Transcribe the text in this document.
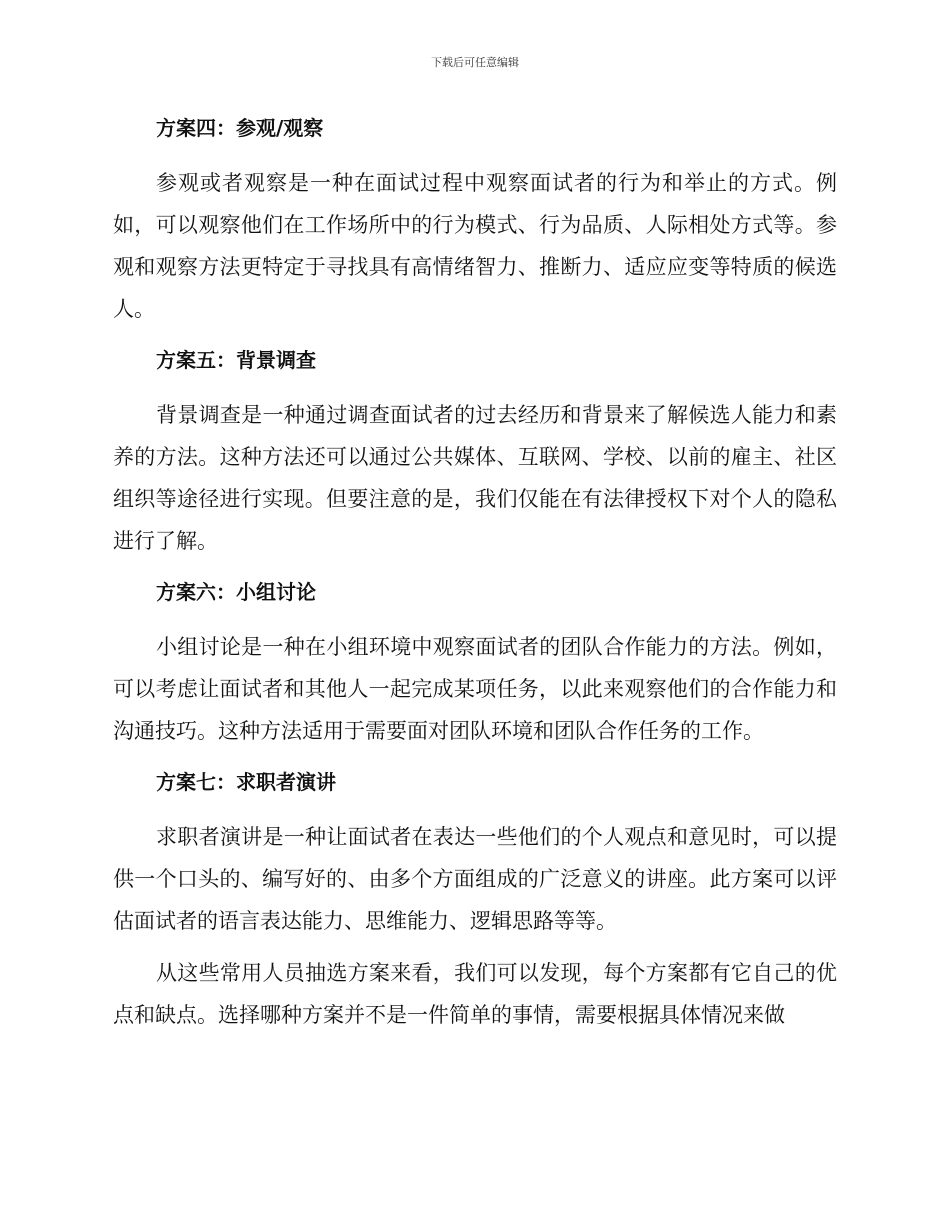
下载后可任意编辑
方案四：参观/观察

参观或者观察是一种在面试过程中观察面试者的行为和举止的方式。例如，可以观察他们在工作场所中的行为模式、行为品质、人际相处方式等。参观和观察方法更特定于寻找具有高情绪智力、推断力、适应应变等特质的候选人。

方案五：背景调查

背景调查是一种通过调查面试者的过去经历和背景来了解候选人能力和素养的方法。这种方法还可以通过公共媒体、互联网、学校、以前的雇主、社区组织等途径进行实现。但要注意的是，我们仅能在有法律授权下对个人的隐私进行了解。

方案六：小组讨论

小组讨论是一种在小组环境中观察面试者的团队合作能力的方法。例如，可以考虑让面试者和其他人一起完成某项任务，以此来观察他们的合作能力和沟通技巧。这种方法适用于需要面对团队环境和团队合作任务的工作。

方案七：求职者演讲

求职者演讲是一种让面试者在表达一些他们的个人观点和意见时，可以提供一个口头的、编写好的、由多个方面组成的广泛意义的讲座。此方案可以评估面试者的语言表达能力、思维能力、逻辑思路等等。

从这些常用人员抽选方案来看，我们可以发现，每个方案都有它自己的优点和缺点。选择哪种方案并不是一件简单的事情，需要根据具体情况来做
